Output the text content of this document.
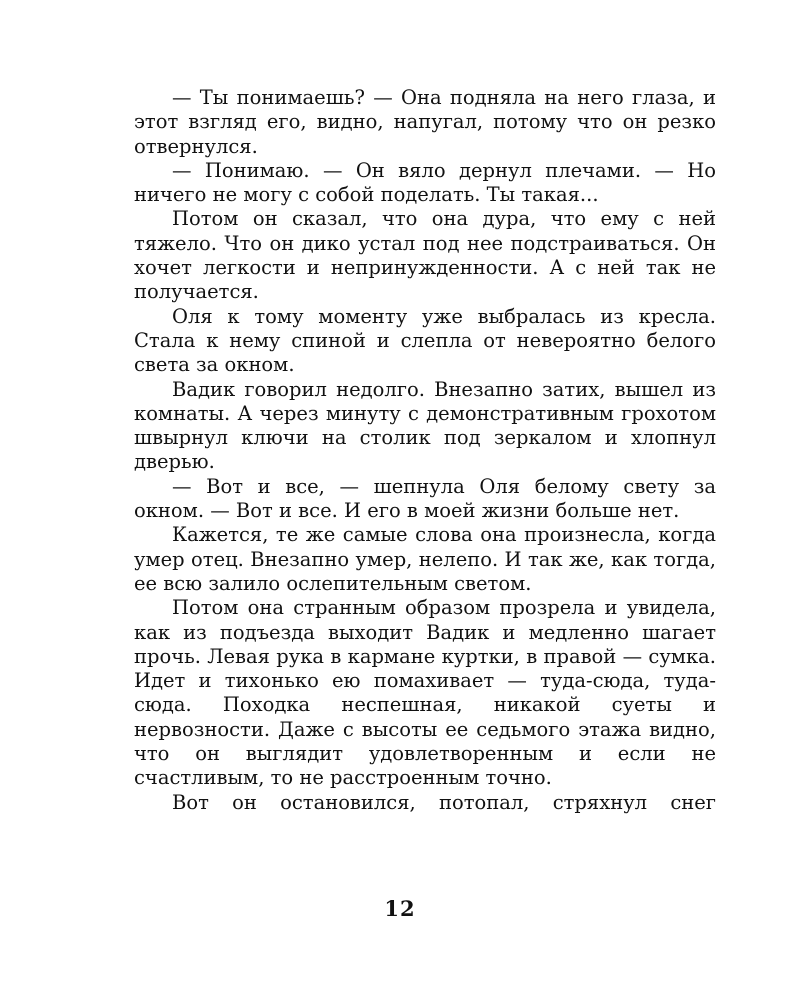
— Ты понимаешь? — Она подняла на него глаза, и этот взгляд его, видно, напугал, потому что он резко отвернулся.

— Понимаю. — Он вяло дернул плечами. — Но ничего не могу с собой поделать. Ты такая...

Потом он сказал, что она дура, что ему с ней тяжело. Что он дико устал под нее подстраиваться. Он хочет легкости и непринужденности. А с ней так не получается.

Оля к тому моменту уже выбралась из кресла. Стала к нему спиной и слепла от невероятно белого света за окном.

Вадик говорил недолго. Внезапно затих, вышел из комнаты. А через минуту с демонстративным грохотом швырнул ключи на столик под зеркалом и хлопнул дверью.

— Вот и все, — шепнула Оля белому свету за окном. — Вот и все. И его в моей жизни больше нет.

Кажется, те же самые слова она произнесла, когда умер отец. Внезапно умер, нелепо. И так же, как тогда, ее всю залило ослепительным светом.

Потом она странным образом прозрела и увидела, как из подъезда выходит Вадик и медленно шагает прочь. Левая рука в кармане куртки, в правой — сумка. Идет и тихонько ею помахивает — туда-сюда, туда-сюда. Походка неспешная, никакой суеты и нервозности. Даже с высоты ее седьмого этажа видно, что он выглядит удовлетворенным и если не счастливым, то не расстроенным точно.

Вот он остановился, потопал, стряхнул снег

12
